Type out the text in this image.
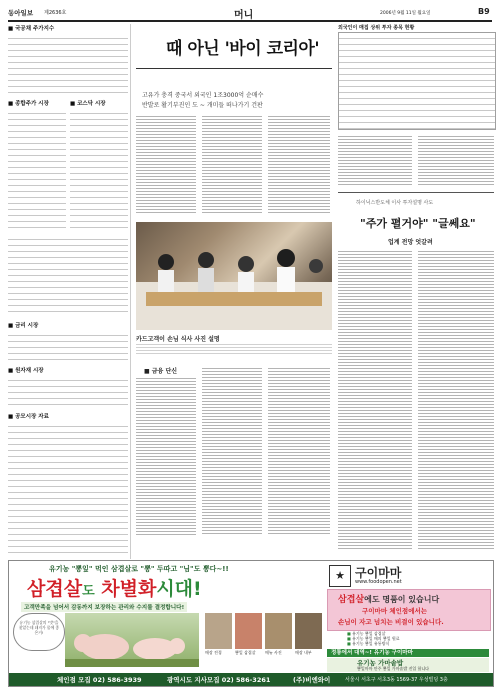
동아일보 제2636호	머니	2006년 9월 11일 월요일	B9
■ 국공채 주가지수
■ 종합주가 시장	■ 코스닥 시장
■ 금리 시장
■ 원자재 시장
■ 공모시장 자료
때 아닌 '바이 코리아'
고유가 충격 중국서 외국인 1조3000억 순매수
반발로 활기부진인 도 ~ 개미들 떠나가기 건판
카드고객이 손님 식사 사진 설명
■ 금융 단신
외국인이 매집 상위 투자 종목 현황
하이닉스반도체 이사 투자설명 사도
"주가 펼거야" "글쎄요"
업계 전망 엇갈려
유기농 "뽕잎" 먹인 삼겹살로 "뽕" 두따고 "님"도 뽕다~!!
삼겹살도 차별화시대!
고객만족을 넘어서 감동까지 보장하는 관리와 수지를 결정합니다!
유기농 삼겹살의 "맛"을 찾았는데 돼지가 몸에 좋은거!
매장 전경	뽕잎 삼겹살 메뉴 사진	매장 내부
★ 구이마마
www.foodopen.net
삼겹살에도 명품이 있습니다
구이마마 체인점에서는
손님이 자고 넘치는 비결이 있습니다.
■ 유기농 뽕잎 삼겹살
■ 유기농 뽕잎 매의 뽕잎 원료
■ 유기농 뽕잎 유통방식
정통에서 대역~! 유기농 구이마마
유기농 가마솥밥
뽕잎마마 안주 뽕잎 가마솥밥 진입 합니다
체인점 모집 02) 586-3939	광역시도 지사모집 02) 586-3261	(주)비엔와이	서울시 서초구 서초3동 1569-37 우성빌딩 3층
